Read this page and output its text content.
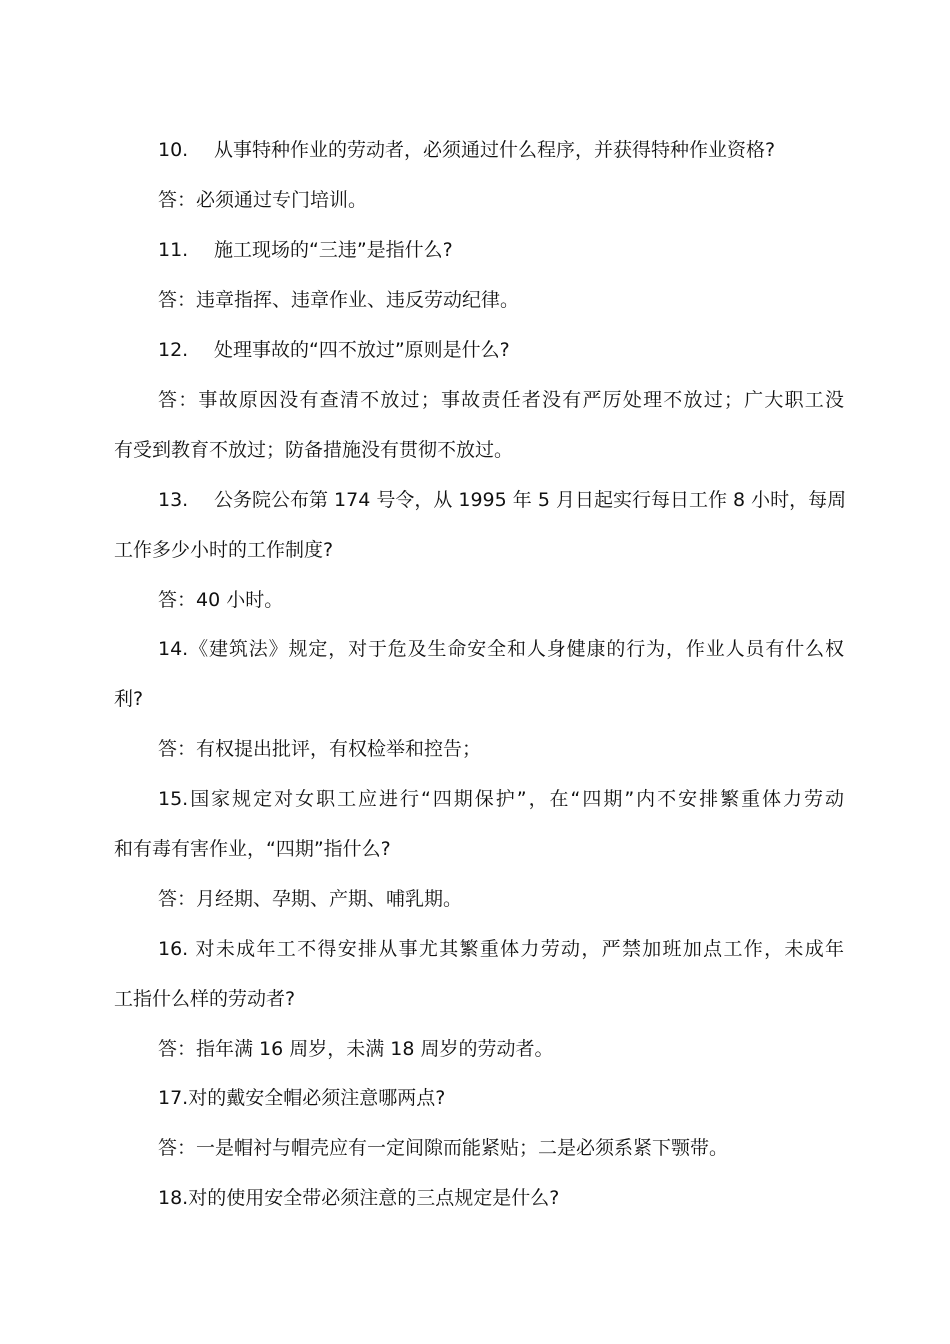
10. 从事特种作业的劳动者，必须通过什么程序，并获得特种作业资格?
答：必须通过专门培训。
11. 施工现场的“三违”是指什么?
答：违章指挥、违章作业、违反劳动纪律。
12. 处理事故的“四不放过”原则是什么?
答：事故原因没有查清不放过；事故责任者没有严厉处理不放过；广大职工没
有受到教育不放过；防备措施没有贯彻不放过。
13. 公务院公布第 174 号令，从 1995 年 5 月日起实行每日工作 8 小时，每周
工作多少小时的工作制度?
答：40 小时。
14.《建筑法》规定，对于危及生命安全和人身健康的行为，作业人员有什么权
利?
答：有权提出批评，有权检举和控告；
15.国家规定对女职工应进行“四期保护”，在“四期”内不安排繁重体力劳动
和有毒有害作业，“四期”指什么?
答：月经期、孕期、产期、哺乳期。
16. 对未成年工不得安排从事尤其繁重体力劳动，严禁加班加点工作，未成年
工指什么样的劳动者?
答：指年满 16 周岁，未满 18 周岁的劳动者。
17.对的戴安全帽必须注意哪两点?
答：一是帽衬与帽壳应有一定间隙而能紧贴；二是必须系紧下颚带。
18.对的使用安全带必须注意的三点规定是什么?
